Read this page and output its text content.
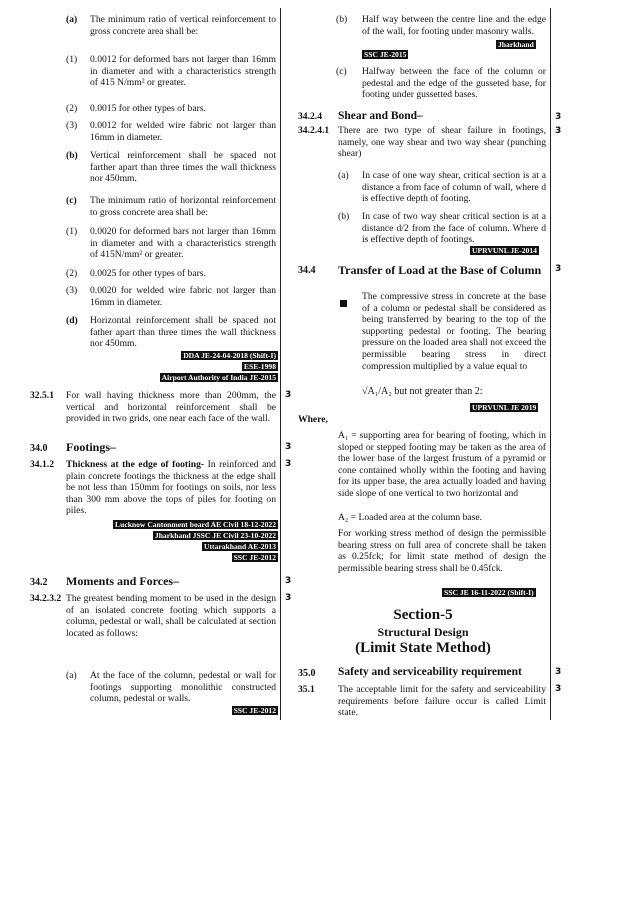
(a) The minimum ratio of vertical reinforcement to gross concrete area shall be:
(1) 0.0012 for deformed bars not larger than 16mm in diameter and with a characteristics strength of 415 N/mm² or greater.
(2) 0.0015 for other types of bars.
(3) 0.0012 for welded wire fabric not larger than 16mm in diameter.
(b) Vertical reinforcement shall be spaced not farther apart than three times the wall thickness nor 450mm.
(c) The minimum ratio of horizontal reinforcement to gross concrete area shall be:
(1) 0.0020 for deformed bars not larger than 16mm in diameter and with a characteristics strength of 415N/mm² or greater.
(2) 0.0025 for other types of bars.
(3) 0.0020 for welded wire fabric not larger than 16mm in diameter.
(d) Horizontal reinforcement shall be spaced not father apart than three times the wall thickness nor 450mm.
DDA JE-24-04-2018 (Shift-I)
ESE-1998
Airport Authority of India JE-2015
32.5.1 For wall having thickness more than 200mm, the vertical and horizontal reinforcement shall be provided in two grids, one near each face of the wall.
3
34.0 Footings–	3
34.1.2 Thickness at the edge of footing- In reinforced and plain concrete footings the thickness at the edge shall be not less than 150mm for footings on soils, nor less than 300 mm above the tops of piles for footing on piles.
3
Lucknow Cantonment board AE Civil 18-12-2022
Jharkhand JSSC JE Civil 23-10-2022
Uttarakhand AE-2013
SSC JE-2012
34.2 Moments and Forces–	3
34.2.3.2 The greatest bending moment to be used in the design of an isolated concrete footing which supports a column, pedestal or wall, shall be calculated at section located as follows:
3
(a) At the face of the column, pedestal or wall for footings supporting monolithic constructed column, pedestal or walls.
SSC JE-2012
(b) Half way between the centre line and the edge of the wall, for footing under masonry walls.
Jharkhand
SSC JE-2015
(c) Halfway between the face of the column or pedestal and the edge of the gusseted base, for footing under gussetted bases.
34.2.4 Shear and Bond–	3
34.2.4.1 There are two type of shear failure in footings, namely, one way shear and two way shear (punching shear)
3
(a) In case of one way shear, critical section is at a distance a from face of column of wall, where d is effective depth of footing.
(b) In case of two way shear critical section is at a distance d/2 from the face of column. Where d is effective depth of footings.
UPRVUNL JE-2014
34.4 Transfer of Load at the Base of Column	3
The compressive stress in concrete at the base of a column or pedestal shall be considered as being transferred by bearing to the top of the supporting pedestal or footing. The bearing pressure on the loaded area shall not exceed the permissible bearing stress in direct compression multiplied by a value equal to
√A₁/A₂ but not greater than 2:
UPRVUNL JE 2019
Where,
A₁ = supporting area for bearing of footing, which in sloped or stepped footing may be taken as the area of the lower base of the largest frustum of a pyramid or cone contained wholly within the footing and having for its upper base, the area actually loaded and having side slope of one vertical to two horizontal and
A₂ = Loaded area at the column base.
For working stress method of design the permissible bearing stress on full area of concrete shall be taken as 0.25fck; for limit state method of design the permissible bearing stress shall be 0.45fck.
SSC JE 16-11-2022 (Shift-I)
Section-5
Structural Design
(Limit State Method)
35.0 Safety and serviceability requirement	3
35.1 The acceptable limit for the safety and serviceability requirements before failure occur is called Limit state.
3
